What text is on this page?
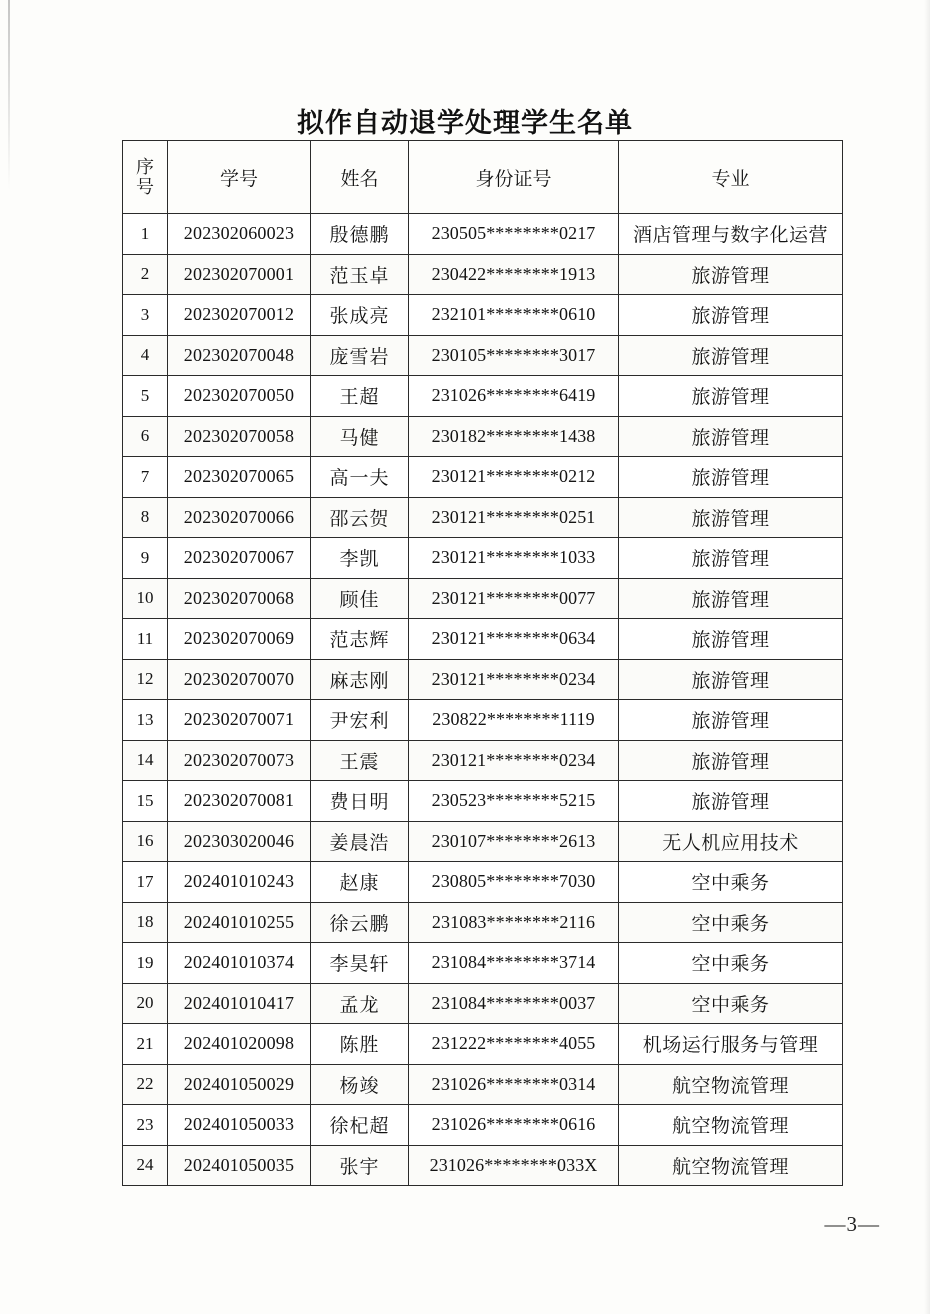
拟作自动退学处理学生名单
序
号	学号	姓名	身份证号	专业
1	202302060023	殷德鹏	230505********0217	酒店管理与数字化运营
2	202302070001	范玉卓	230422********1913	旅游管理
3	202302070012	张成亮	232101********0610	旅游管理
4	202302070048	庞雪岩	230105********3017	旅游管理
5	202302070050	王超	231026********6419	旅游管理
6	202302070058	马健	230182********1438	旅游管理
7	202302070065	高一夫	230121********0212	旅游管理
8	202302070066	邵云贺	230121********0251	旅游管理
9	202302070067	李凯	230121********1033	旅游管理
10	202302070068	顾佳	230121********0077	旅游管理
11	202302070069	范志辉	230121********0634	旅游管理
12	202302070070	麻志刚	230121********0234	旅游管理
13	202302070071	尹宏利	230822********1119	旅游管理
14	202302070073	王震	230121********0234	旅游管理
15	202302070081	费日明	230523********5215	旅游管理
16	202303020046	姜晨浩	230107********2613	无人机应用技术
17	202401010243	赵康	230805********7030	空中乘务
18	202401010255	徐云鹏	231083********2116	空中乘务
19	202401010374	李昊轩	231084********3714	空中乘务
20	202401010417	孟龙	231084********0037	空中乘务
21	202401020098	陈胜	231222********4055	机场运行服务与管理
22	202401050029	杨竣	231026********0314	航空物流管理
23	202401050033	徐杞超	231026********0616	航空物流管理
24	202401050035	张宇	231026********033X	航空物流管理
—3—
